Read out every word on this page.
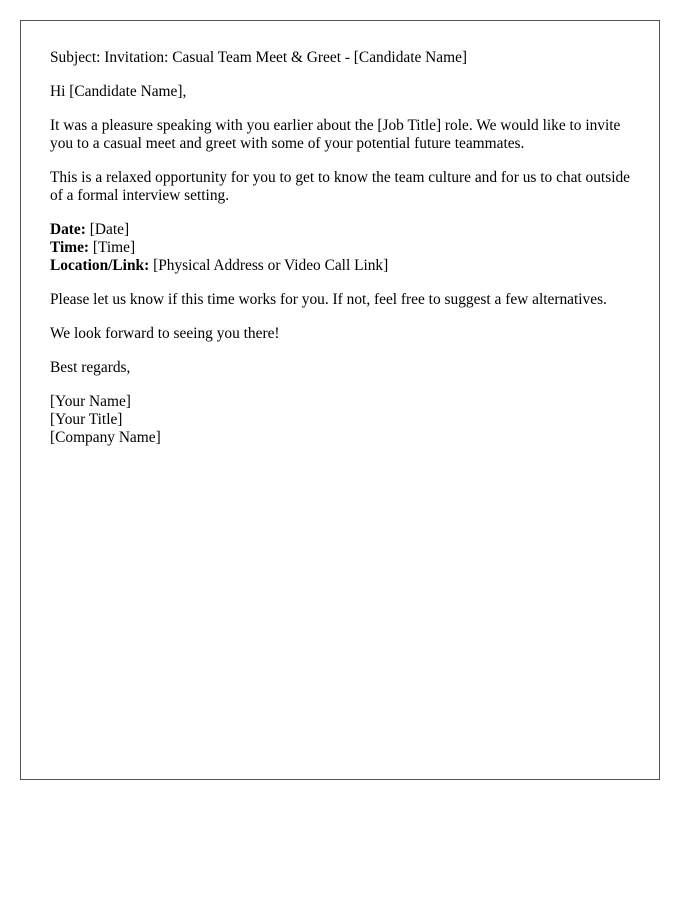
Subject: Invitation: Casual Team Meet & Greet - [Candidate Name]

Hi [Candidate Name],

It was a pleasure speaking with you earlier about the [Job Title] role. We would like to invite you to a casual meet and greet with some of your potential future teammates.

This is a relaxed opportunity for you to get to know the team culture and for us to chat outside of a formal interview setting.

Date: [Date]
Time: [Time]
Location/Link: [Physical Address or Video Call Link]

Please let us know if this time works for you. If not, feel free to suggest a few alternatives.

We look forward to seeing you there!

Best regards,

[Your Name]
[Your Title]
[Company Name]
